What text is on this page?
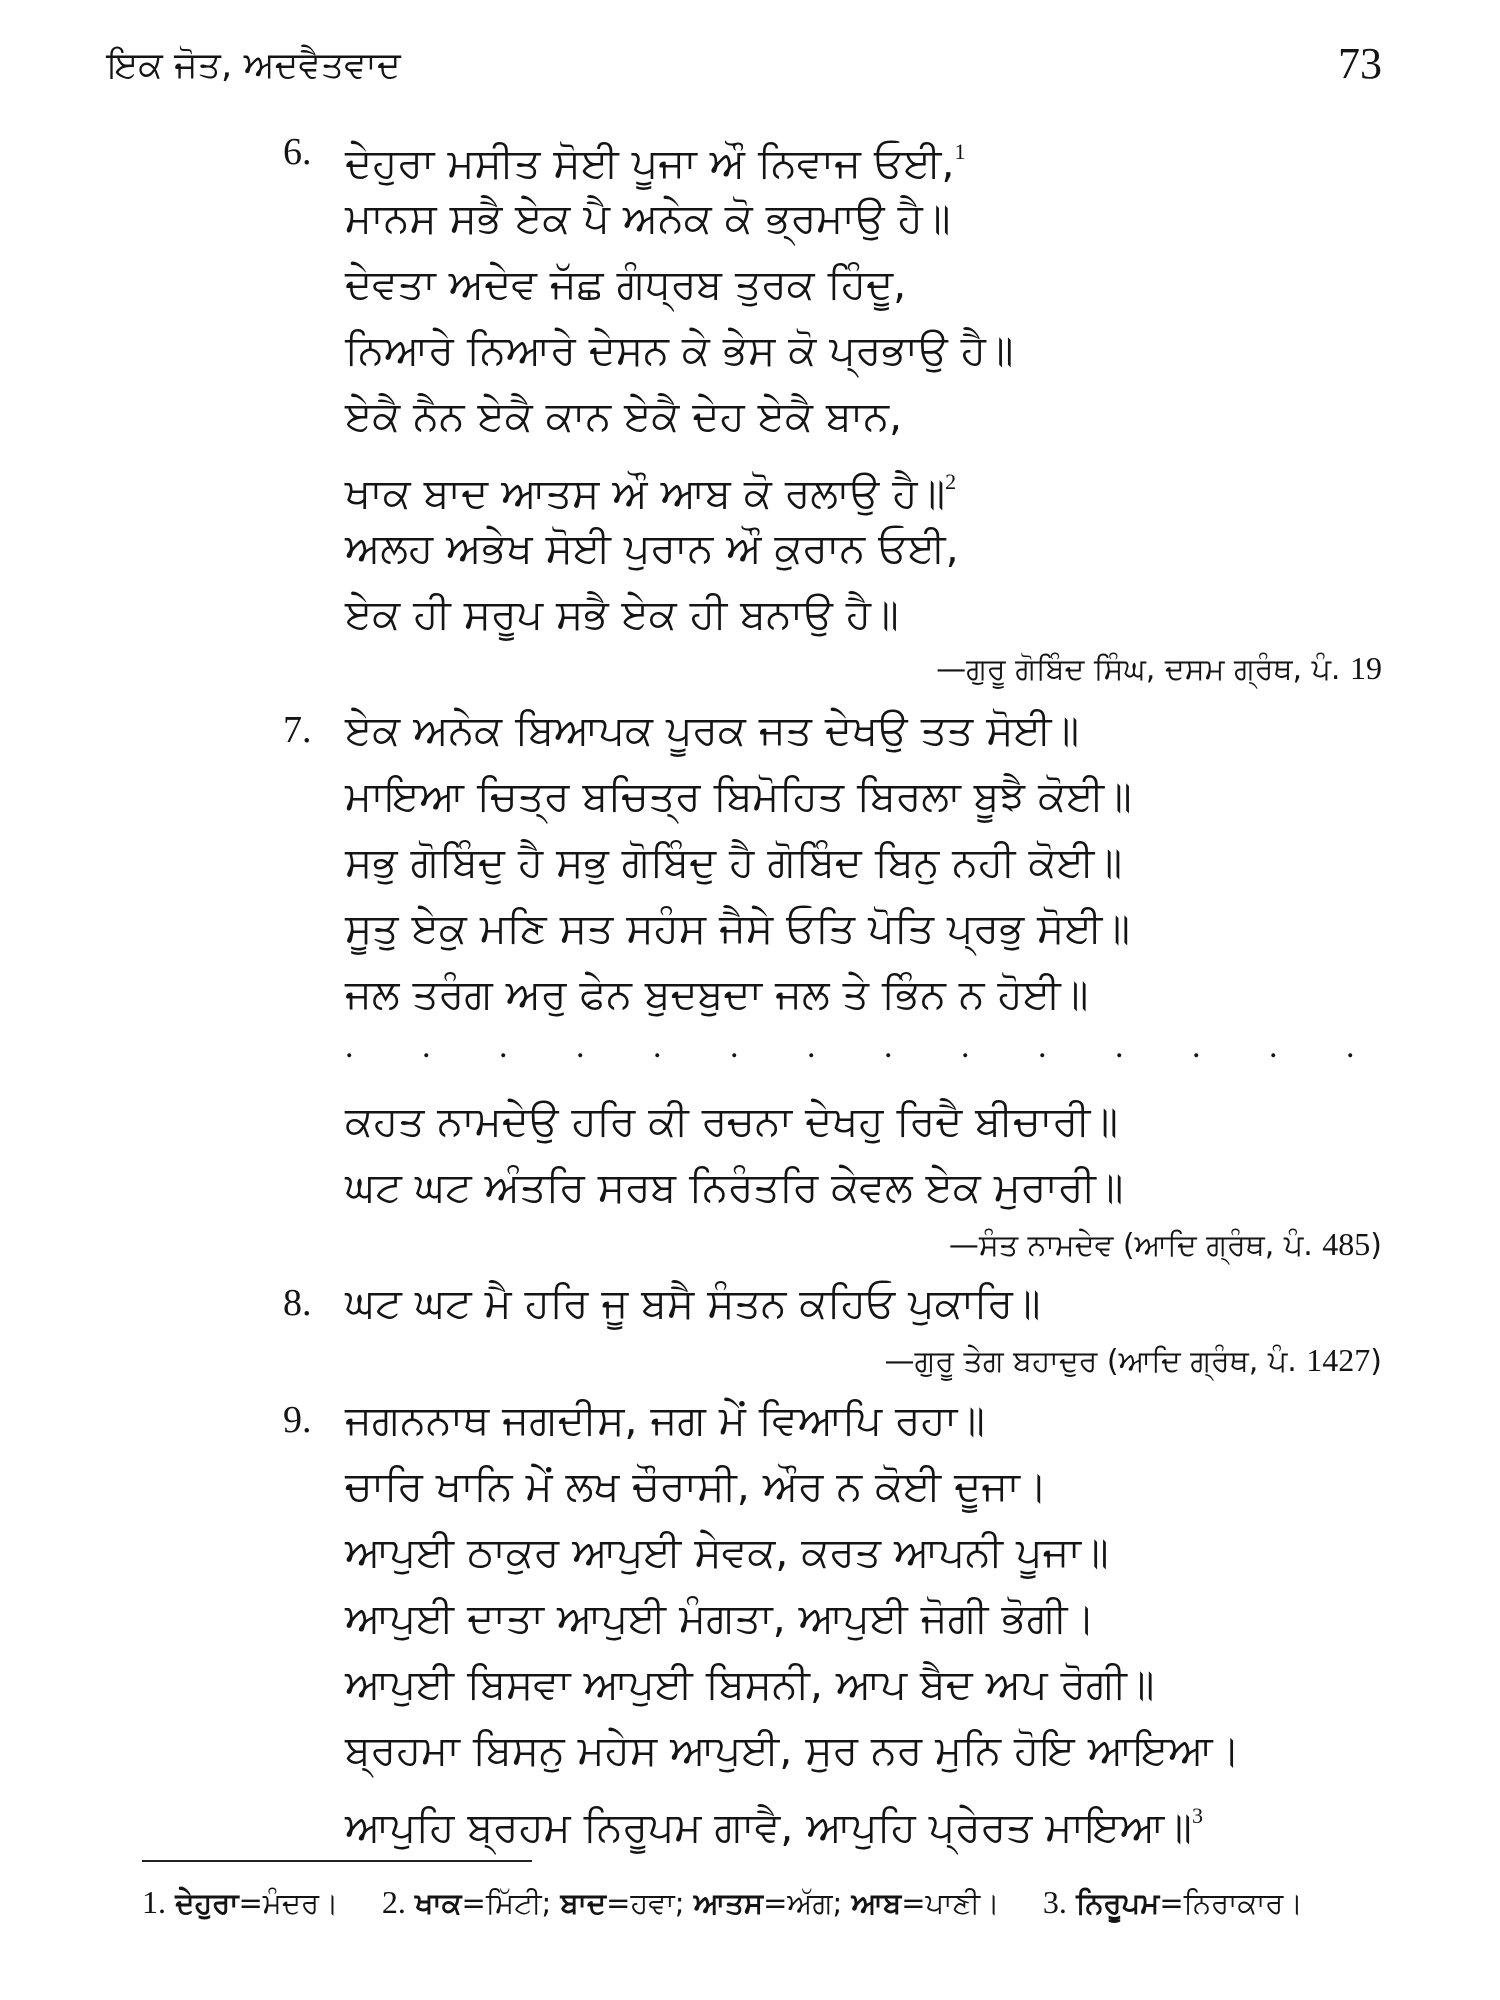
ਇਕ ਜੋਤ, ਅਦਵੈਤਵਾਦ	73
6. ਦੇਹੁਰਾ ਮਸੀਤ ਸੋਈ ਪੂਜਾ ਔ ਨਿਵਾਜ ਓਈ,$^1$
ਮਾਨਸ ਸਭੈ ਏਕ ਪੈ ਅਨੇਕ ਕੋ ਭ੍ਰਮਾਉ ਹੈ॥
ਦੇਵਤਾ ਅਦੇਵ ਜੱਛ ਗੰਧ੍ਰਬ ਤੁਰਕ ਹਿੰਦੂ,
ਨਿਆਰੇ ਨਿਆਰੇ ਦੇਸਨ ਕੇ ਭੇਸ ਕੋ ਪ੍ਰਭਾਉ ਹੈ॥
ਏਕੈ ਨੈਨ ਏਕੈ ਕਾਨ ਏਕੈ ਦੇਹ ਏਕੈ ਬਾਨ,
ਖਾਕ ਬਾਦ ਆਤਸ ਔ ਆਬ ਕੋ ਰਲਾਉ ਹੈ॥$^2$
ਅਲਹ ਅਭੇਖ ਸੋਈ ਪੁਰਾਨ ਔ ਕੁਰਾਨ ਓਈ,
ਏਕ ਹੀ ਸਰੂਪ ਸਭੈ ਏਕ ਹੀ ਬਨਾਉ ਹੈ॥
—ਗੁਰੂ ਗੋਬਿੰਦ ਸਿੰਘ, ਦਸਮ ਗ੍ਰੰਥ, ਪੰ. 19
7. ਏਕ ਅਨੇਕ ਬਿਆਪਕ ਪੂਰਕ ਜਤ ਦੇਖਉ ਤਤ ਸੋਈ॥
ਮਾਇਆ ਚਿਤ੍ਰ ਬਚਿਤ੍ਰ ਬਿਮੋਹਿਤ ਬਿਰਲਾ ਬੂਝੈ ਕੋਈ॥
ਸਭੁ ਗੋਬਿੰਦੁ ਹੈ ਸਭੁ ਗੋਬਿੰਦੁ ਹੈ ਗੋਬਿੰਦ ਬਿਨੁ ਨਹੀ ਕੋਈ॥
ਸੂਤੁ ਏਕੁ ਮਣਿ ਸਤ ਸਹੰਸ ਜੈਸੇ ਓਤਿ ਪੋਤਿ ਪ੍ਰਭੁ ਸੋਈ॥
ਜਲ ਤਰੰਗ ਅਰੁ ਫੇਨ ਬੁਦਬੁਦਾ ਜਲ ਤੇ ਭਿੰਨ ਨ ਹੋਈ॥
. . . . . . . . . . . . . .
ਕਹਤ ਨਾਮਦੇਉ ਹਰਿ ਕੀ ਰਚਨਾ ਦੇਖਹੁ ਰਿਦੈ ਬੀਚਾਰੀ॥
ਘਟ ਘਟ ਅੰਤਰਿ ਸਰਬ ਨਿਰੰਤਰਿ ਕੇਵਲ ਏਕ ਮੁਰਾਰੀ॥
—ਸੰਤ ਨਾਮਦੇਵ (ਆਦਿ ਗ੍ਰੰਥ, ਪੰ. 485)
8. ਘਟ ਘਟ ਮੈ ਹਰਿ ਜੂ ਬਸੈ ਸੰਤਨ ਕਹਿਓ ਪੁਕਾਰਿ॥
—ਗੁਰੂ ਤੇਗ ਬਹਾਦੁਰ (ਆਦਿ ਗ੍ਰੰਥ, ਪੰ. 1427)
9. ਜਗਨਨਾਥ ਜਗਦੀਸ, ਜਗ ਮੇਂ ਵਿਆਪਿ ਰਹਾ॥
ਚਾਰਿ ਖਾਨਿ ਮੇਂ ਲਖ ਚੌਰਾਸੀ, ਔਰ ਨ ਕੋਈ ਦੂਜਾ।
ਆਪੁਈ ਠਾਕੁਰ ਆਪੁਈ ਸੇਵਕ, ਕਰਤ ਆਪਨੀ ਪੂਜਾ॥
ਆਪੁਈ ਦਾਤਾ ਆਪੁਈ ਮੰਗਤਾ, ਆਪੁਈ ਜੋਗੀ ਭੋਗੀ।
ਆਪੁਈ ਬਿਸਵਾ ਆਪੁਈ ਬਿਸਨੀ, ਆਪ ਬੈਦ ਅਪ ਰੋਗੀ॥
ਬ੍ਰਹਮਾ ਬਿਸਨੁ ਮਹੇਸ ਆਪੁਈ, ਸੁਰ ਨਰ ਮੁਨਿ ਹੋਇ ਆਇਆ।
ਆਪੁਹਿ ਬ੍ਰਹਮ ਨਿਰੂਪਮ ਗਾਵੈ, ਆਪੁਹਿ ਪ੍ਰੇਰਤ ਮਾਇਆ॥$^3$
1. ਦੇਹੁਰਾ=ਮੰਦਰ। 2. ਖਾਕ=ਮਿੱਟੀ; ਬਾਦ=ਹਵਾ; ਆਤਸ=ਅੱਗ; ਆਬ=ਪਾਣੀ। 3. ਨਿਰੂਪਮ=ਨਿਰਾਕਾਰ।
